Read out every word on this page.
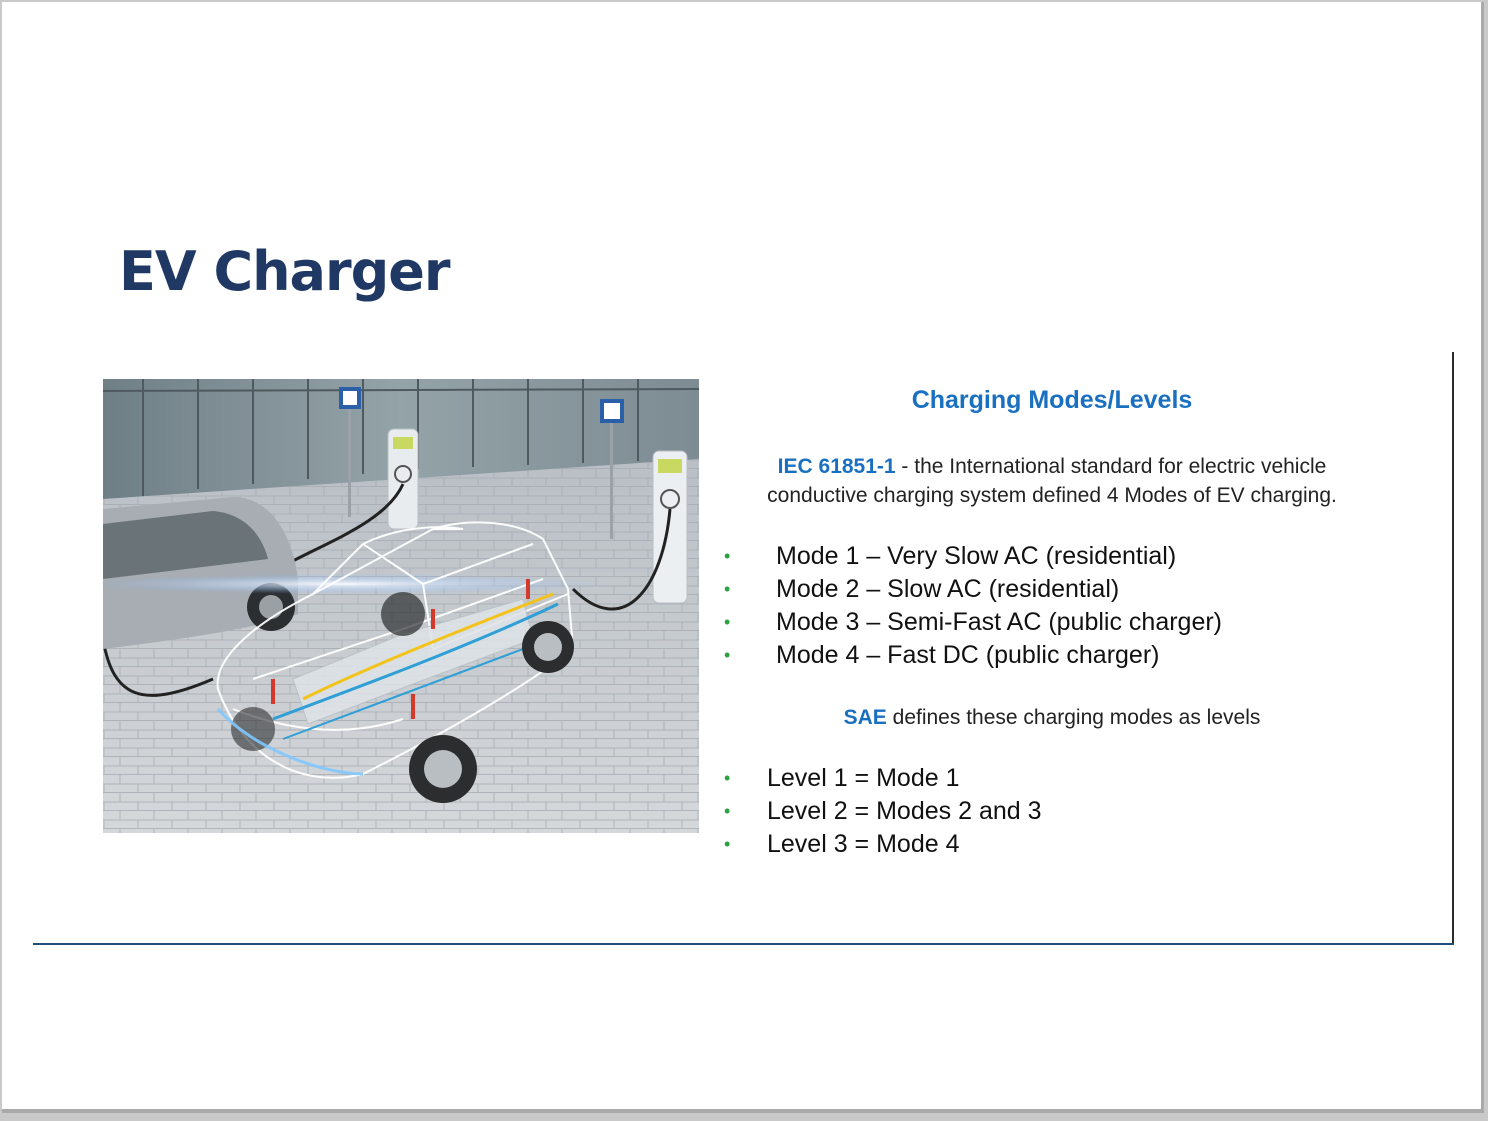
EV Charger
Charging Modes/Levels
IEC 61851-1 - the International standard for electric vehicle
conductive charging system defined 4 Modes of EV charging.
• Mode 1 – Very Slow AC (residential)
• Mode 2 – Slow AC (residential)
• Mode 3 – Semi-Fast AC (public charger)
• Mode 4 – Fast DC (public charger)
SAE defines these charging modes as levels
• Level 1 = Mode 1
• Level 2 = Modes 2 and 3
• Level 3 = Mode 4
